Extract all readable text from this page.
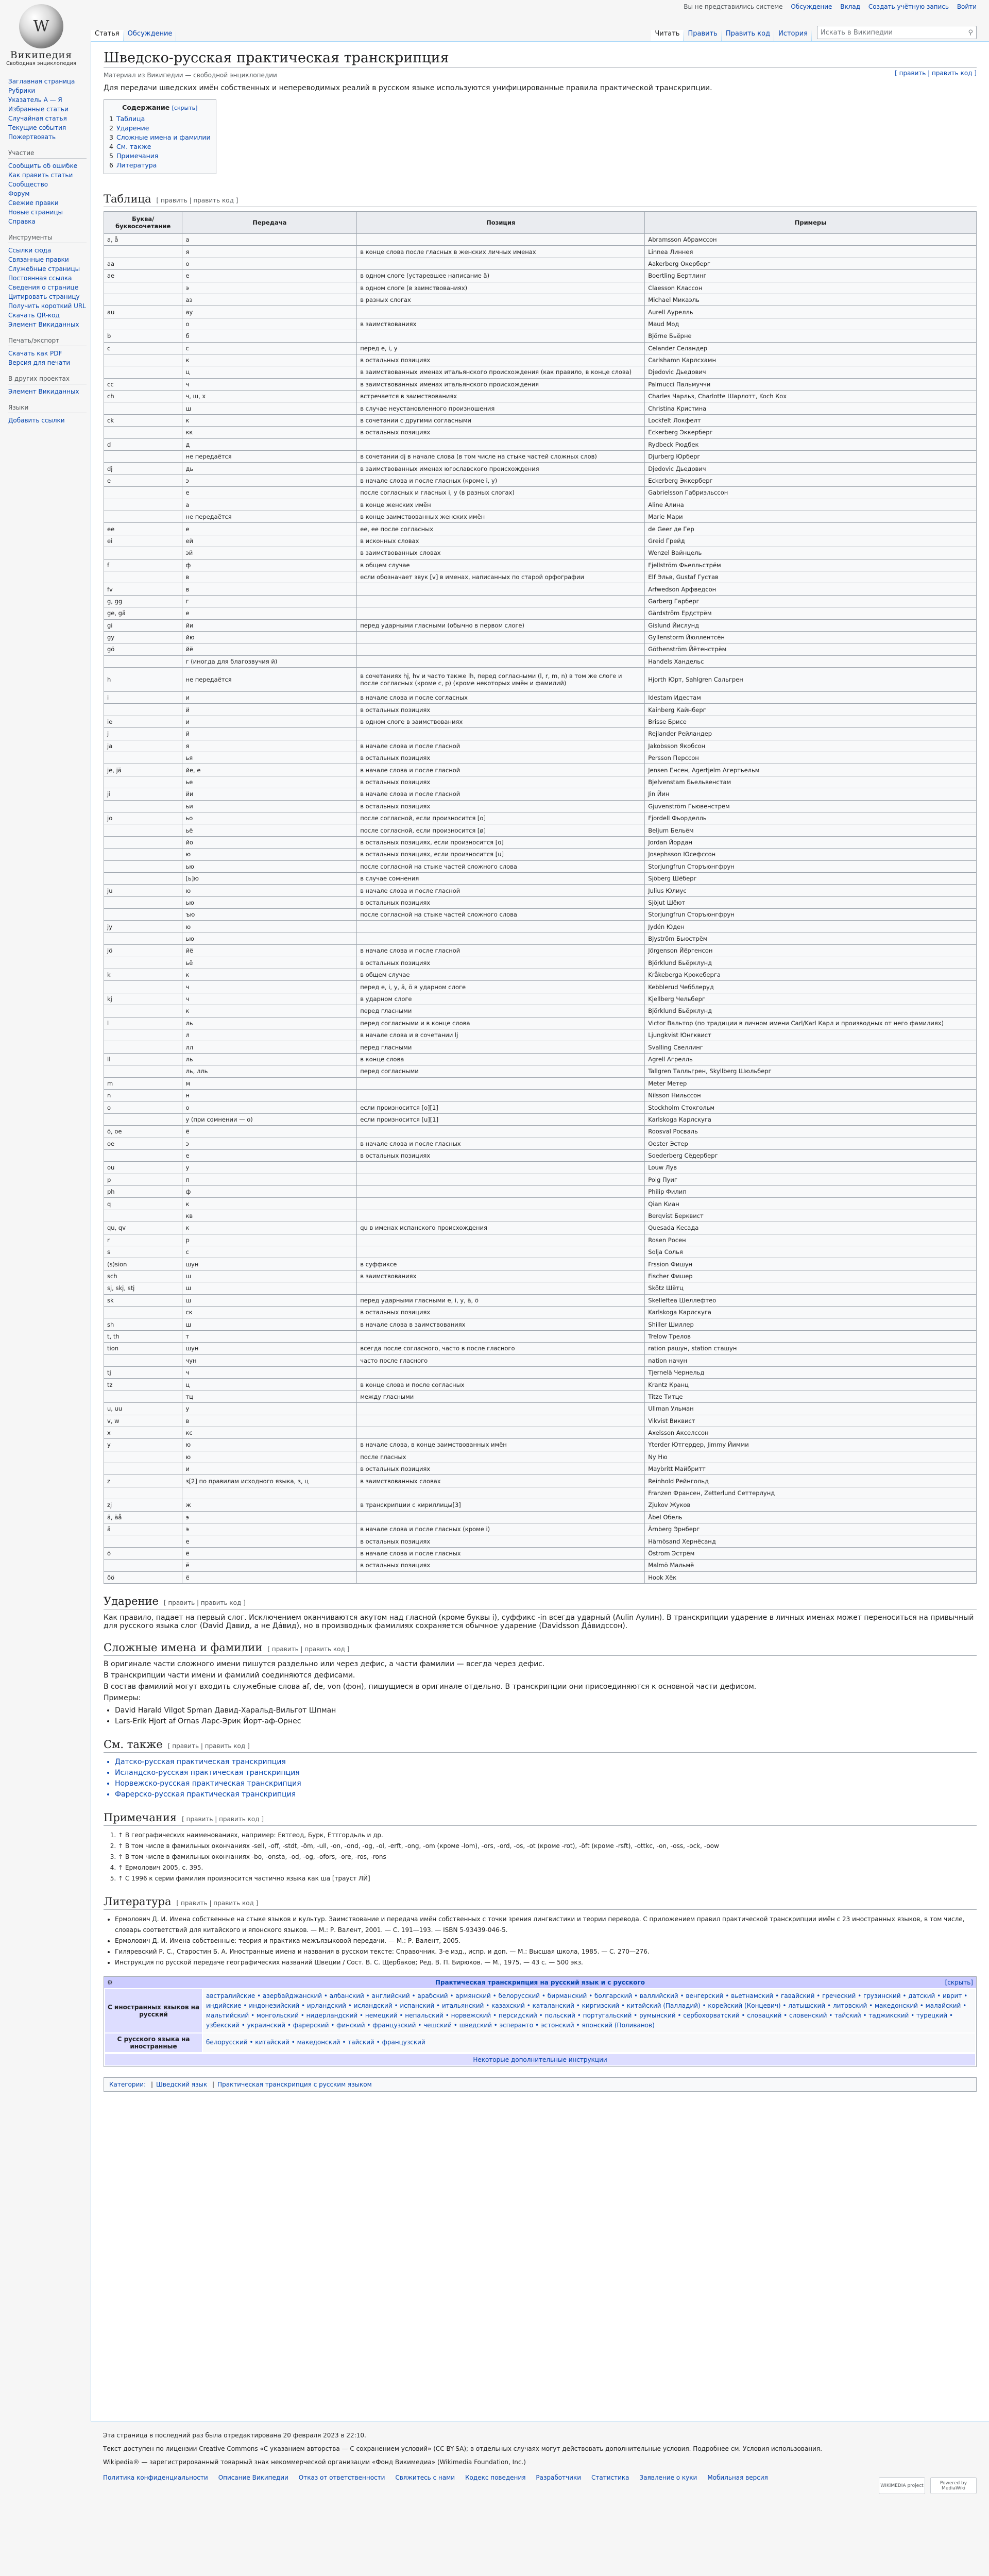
W
Википедия
Свободная энциклопедия
Вы не представились системе Обсуждение Вклад Создать учётную запись Войти
Статья	Обсуждение	Читать	Править	Править код	История	Искать в Википедии	⚲
Заглавная страница
Рубрики
Указатель А — Я
Избранные статьи
Случайная статья
Текущие события
Пожертвовать
Участие
Сообщить об ошибке
Как править статьи
Сообщество
Форум
Свежие правки
Новые страницы
Справка
Инструменты
Ссылки сюда
Связанные правки
Служебные страницы
Постоянная ссылка
Сведения о странице
Цитировать страницу
Получить короткий URL
Скачать QR-код
Элемент Викиданных
Печать/экспорт
Скачать как PDF
Версия для печати
В других проектах
Элемент Викиданных
Языки
Добавить ссылки
Шведско-русская практическая транскрипция
Материал из Википедии — свободной энциклопедии	[ править | править код ]

Для передачи шведских имён собственных и непереводимых реалий в русском языке используются унифицированные правила практической транскрипции.

Содержание [скрыть]
1 Таблица
2 Ударение
3 Сложные имена и фамилии
4 См. также
5 Примечания
6 Литература
Таблица [ править | править код ]
Буква/ буквосочетание	Передача	Позиция	Примеры
a, å	а		Abramsson Абрамссон
	я	в конце слова после гласных в женских личных именах	Linnea Линнея
aa	о		Aakerberg Окерберг
ae	е	в одном слоге (устаревшее написание ä)	Boertling Бертлинг
	э	в одном слоге (в заимствованиях)	Claesson Классон
	аэ	в разных слогах	Michael Микаэль
au	ау		Aurell Аурелль
	о	в заимствованиях	Maud Мод
b	б		Björne Бьёрне
c	с	перед e, i, y	Celander Селандер
	к	в остальных позициях	Carlshamn Карлсхамн
	ц	в заимствованных именах итальянского происхождения (как правило, в конце слова)	Djedovic Дьедович
cc	ч	в заимствованных именах итальянского происхождения	Palmucci Пальмуччи
ch	ч, ш, х	встречается в заимствованиях	Charles Чарльз, Charlotte Шарлотт, Koch Кох
	ш	в случае неустановленного произношения	Christina Кристина
ck	к	в сочетании с другими согласными	Lockfelt Локфелт
	кк	в остальных позициях	Eckerberg Эккерберг
d	д		Rydbeck Рюдбек
	не передаётся	в сочетании dj в начале слова (в том числе на стыке частей сложных слов)	Djurberg Юрберг
dj	дь	в заимствованных именах югославского происхождения	Djedovic Дьедович
e	э	в начале слова и после гласных (кроме i, y)	Eckerberg Эккерберг
	е	после согласных и гласных i, y (в разных слогах)	Gabrielsson Габриэльссон
	а	в конце женских имён	Aline Алина
	не передаётся	в конце заимствованных женских имён	Marie Мари
ee	е	ee, ее после согласных	de Geer де Гер
ei	ей	в исконных словах	Greid Грейд
	эй	в заимствованных словах	Wenzel Вайнцель
f	ф	в общем случае	Fjellström Фьелльстрём
	в	если обозначает звук [v] в именах, написанных по старой орфографии	Elf Эльв, Gustaf Густав
fv	в		Arfwedson Арфведсон
g, gg	г		Garberg Гарберг
ge, gä	е		Gärdström Ердстрём
gi	йи	перед ударными гласными (обычно в первом слоге)	Gislund Йислунд
gy	йю		Gyllenstorm Йюллентсён
gö	йё		Göthenström Йётенстрём
	г (иногда для благозвучия й)		Handels Хандельс
h	не передаётся	в сочетаниях hj, hv и часто также lh, перед согласными (l, r, m, n) в том же слоге и после согласных (кроме c, p) (кроме некоторых имён и фамилий)	Hjorth Юрт, Sahlgren Сальгрен
i	и	в начале слова и после согласных	Idestam Идестам
	й	в остальных позициях	Kainberg Кайнберг
ie	и	в одном слоге в заимствованиях	Brisse Брисе
j	й		Rejlander Рейландер
ja	я	в начале слова и после гласной	Jakobsson Якобсон
	ья	в остальных позициях	Persson Перссон
je, jä	йе, е	в начале слова и после гласной	Jensen Енсен, Agertjelm Агертьельм
	ье	в остальных позициях	Bjelvenstam Бьельвенстам
ji	йи	в начале слова и после гласной	Jin Йин
	ьи	в остальных позициях	Gjuvenström Гьювенстрём
jo	ьо	после согласной, если произносится [o]	Fjordell Фьорделль
	ьё	после согласной, если произносится [ø]	Beljum Бельём
	йо	в остальных позициях, если произносится [o]	Jordan Йордан
	ю	в остальных позициях, если произносится [u]	Josephsson Юсефссон
	ью	после согласной на стыке частей сложного слова	Storjungfrun Сторъюнгфрун
	[ь]ю	в случае сомнения	Sjöberg Шёберг
ju	ю	в начале слова и после гласной	Julius Юлиус
	ью	в остальных позициях	Sjöjut Шёют
	ъю	после согласной на стыке частей сложного слова	Storjungfrun Сторъюнгфрун
jy	ю		Jydén Юден
	ью		Bjyström Бьюстрём
jö	йё	в начале слова и после гласной	Jörgenson Йёргенсон
	ьё	в остальных позициях	Björklund Бьёрклунд
k	к	в общем случае	Kråkeberga Крокеберга
	ч	перед e, i, y, ä, ö в ударном слоге	Kebblerud Чебблеруд
kj	ч	в ударном слоге	Kjellberg Чельберг
	к	перед гласными	Björklund Бьёрклунд
l	ль	перед согласными и в конце слова	Victor Вальтор (по традиции в личном имени Carl/Karl Карл и производных от него фамилиях)
	л	в начале слова и в сочетании lj	Ljungkvist Юнгквист
	лл	перед гласными	Svalling Свеллинг
ll	ль	в конце слова	Agrell Агрелль
	ль, лль	перед согласными	Tallgren Талльгрен, Skyllberg Шюльберг
m	м		Meter Метер
n	н		Nilsson Нильссон
o	о	если произносится [o][1]	Stockholm Стокгольм
	у (при сомнении — о)	если произносится [u][1]	Karlskoga Карлскуга
ö, oe	ё		Roosval Росваль
oe	э	в начале слова и после гласных	Oester Эстер
	е	в остальных позициях	Soederberg Сёдерберг
ou	у		Louw Лув
p	п		Poig Пуиг
ph	ф		Philip Филип
q	к		Qian Киан
	кв		Berqvist Берквист
qu, qv	к	qu в именах испанского происхождения	Quesada Кесада
r	р		Rosen Росен
s	с		Solja Солья
(s)sion	шун	в суффиксе	Frssion Фишун
sch	ш	в заимствованиях	Fischer Фишер
sj, skj, stj	ш		Skötz Шётц
sk	ш	перед ударными гласными e, i, y, ä, ö	Skelleftea Шеллефтео
	ск	в остальных позициях	Karlskoga Карлскуга
sh	ш	в начале слова в заимствованиях	Shiller Шиллер
t, th	т		Trelow Трелов
tion	шун	всегда после согласного, часто в после гласного	ration рашун, station сташун
	чун	часто после гласного	nation начун
tj	ч		Tjernelä Чернельд
tz	ц	в конце слова и после согласных	Krantz Кранц
	тц	между гласными	Titze Титце
u, uu	у		Ullman Ульман
v, w	в		Vikvist Виквист
x	кс		Axelsson Акселссон
y	ю	в начале слова, в конце заимствованных имён	Yterder Ютгердер, Jimmy Йимми
	ю	после гласных	Ny Ню
	и	в остальных позициях	Maybritt Майбритт
z	з[2] по правилам исходного языка, з, ц	в заимствованных словах	Reinhold Рейнгольд
			Franzen Франсен, Zetterlund Сеттерлунд
zj	ж	в транскрипции с кириллицы[3]	Zjukov Жуков
ä, äå	э		Åbel Обель
ä	э	в начале слова и после гласных (кроме i)	Ärnberg Эрнберг
	е	в остальных позициях	Härnösand Хернёсанд
ö	ё	в начале слова и после гласных	Östrom Эстрём
	ё	в остальных позициях	Malmö Мальмё
öö	ё		Hook Хёк
Ударение [ править | править код ]

Как правило, падает на первый слог. Исключением оканчиваются акутом над гласной (кроме буквы i), суффикс -in всегда ударный (Aulin Аулин). В транскрипции ударение в личных именах может переноситься на привычный для русского языка слог (David Давид, а не Дáвид), но в производных фамилиях сохраняется обычное ударение (Davidsson Дáвидссон).

Сложные имена и фамилии [ править | править код ]

В оригинале части сложного имени пишутся раздельно или через дефис, а части фамилии — всегда через дефис.

В транскрипции части имени и фамилий соединяются дефисами.

В состав фамилий могут входить служебные слова af, de, von (фон), пишущиеся в оригинале отдельно. В транскрипции они присоединяются к основной части дефисом.

Примеры:

• David Harald Vilgot Spman Давид-Харальд-Вильгот Шпман
• Lars-Erik Hjort af Ornas Ларс-Эрик Йорт-аф-Орнес
См. также [ править | править код ]
• Датско-русская практическая транскрипция
• Исландско-русская практическая транскрипция
• Норвежско-русская практическая транскрипция
• Фарерско-русская практическая транскрипция
Примечания [ править | править код ]
1. ↑ В географических наименованиях, например: Евтгеод, Бурк, Еттгордьль и др.
2. ↑ В том числе в фамильных окончаниях -sell, -off, -stdt, -öm, -ull, -on, -ond, -og, -ol, -erft, -ong, -om (кроме -lom), -ors, -ord, -os, -ot (кроме -rot), -öft (кроме -rsft), -ottkc, -on, -oss, -ock, -oow
3. ↑ В том числе в фамильных окончаниях -bo, -onsta, -od, -og, -ofors, -ore, -ros, -rons
4. ↑ Ермолович 2005, с. 395.
5. ↑ С 1996 к серии фамилия произносится частично языка как ша [трауст ЛЙ]
Литература [ править | править код ]
• Ермолович Д. И. Имена собственные на стыке языков и культур. Заимствование и передача имён собственных с точки зрения лингвистики и теории перевода. С приложением правил практической транскрипции имён с 23 иностранных языков, в том числе, словарь соответствий для китайского и японского языков. — М.: Р. Валент, 2001. — С. 191—193. — ISBN 5-93439-046-5.
• Ермолович Д. И. Имена собственные: теория и практика межъязыковой передачи. — М.: Р. Валент, 2005.
• Гиляревский Р. С., Старостин Б. А. Иностранные имена и названия в русском тексте: Справочник. 3-е изд., испр. и доп. — М.: Высшая школа, 1985. — С. 270—276.
• Инструкция по русской передаче географических названий Швеции / Сост. В. С. Щербаков; Ред. В. П. Бирюков. — М., 1975. — 43 с. — 500 экз.
⚙	Практическая транскрипция на русский язык и с русского	[скрыть]
С иностранных языков на русский	австралийские • азербайджанский • албанский • английский • арабский • армянский • белорусский • бирманский • болгарский • валлийский • венгерский • вьетнамский • гавайский • греческий • грузинский • датский • иврит • индийские • индонезийский • ирландский • исландский • испанский • итальянский • казахский • каталанский • киргизский • китайский (Палладий) • корейский (Концевич) • латышский • литовский • македонский • малайский • мальтийский • монгольский • нидерландский • немецкий • непальский • норвежский • персидский • польский • португальский • румынский • сербохорватский • словацкий • словенский • тайский • таджикский • турецкий • узбекский • украинский • фарерский • финский • французский • чешский • шведский • эсперанто • эстонский • японский (Поливанов)
С русского языка на иностранные	белорусский • китайский • македонский • тайский • французский
Некоторые дополнительные инструкции
Категории: | Шведский язык | Практическая транскрипция с русским языком
Эта страница в последний раз была отредактирована 20 февраля 2023 в 22:10.
Текст доступен по лицензии Creative Commons «С указанием авторства — С сохранением условий» (CC BY-SA); в отдельных случаях могут действовать дополнительные условия. Подробнее см. Условия использования.
Wikipedia® — зарегистрированный товарный знак некоммерческой организации «Фонд Викимедиа» (Wikimedia Foundation, Inc.)
Политика конфиденциальности Описание Википедии Отказ от ответственности Свяжитесь с нами Кодекс поведения Разработчики Статистика Заявление о куки Мобильная версия
WIKIMEDIA project	Powered by MediaWiki
